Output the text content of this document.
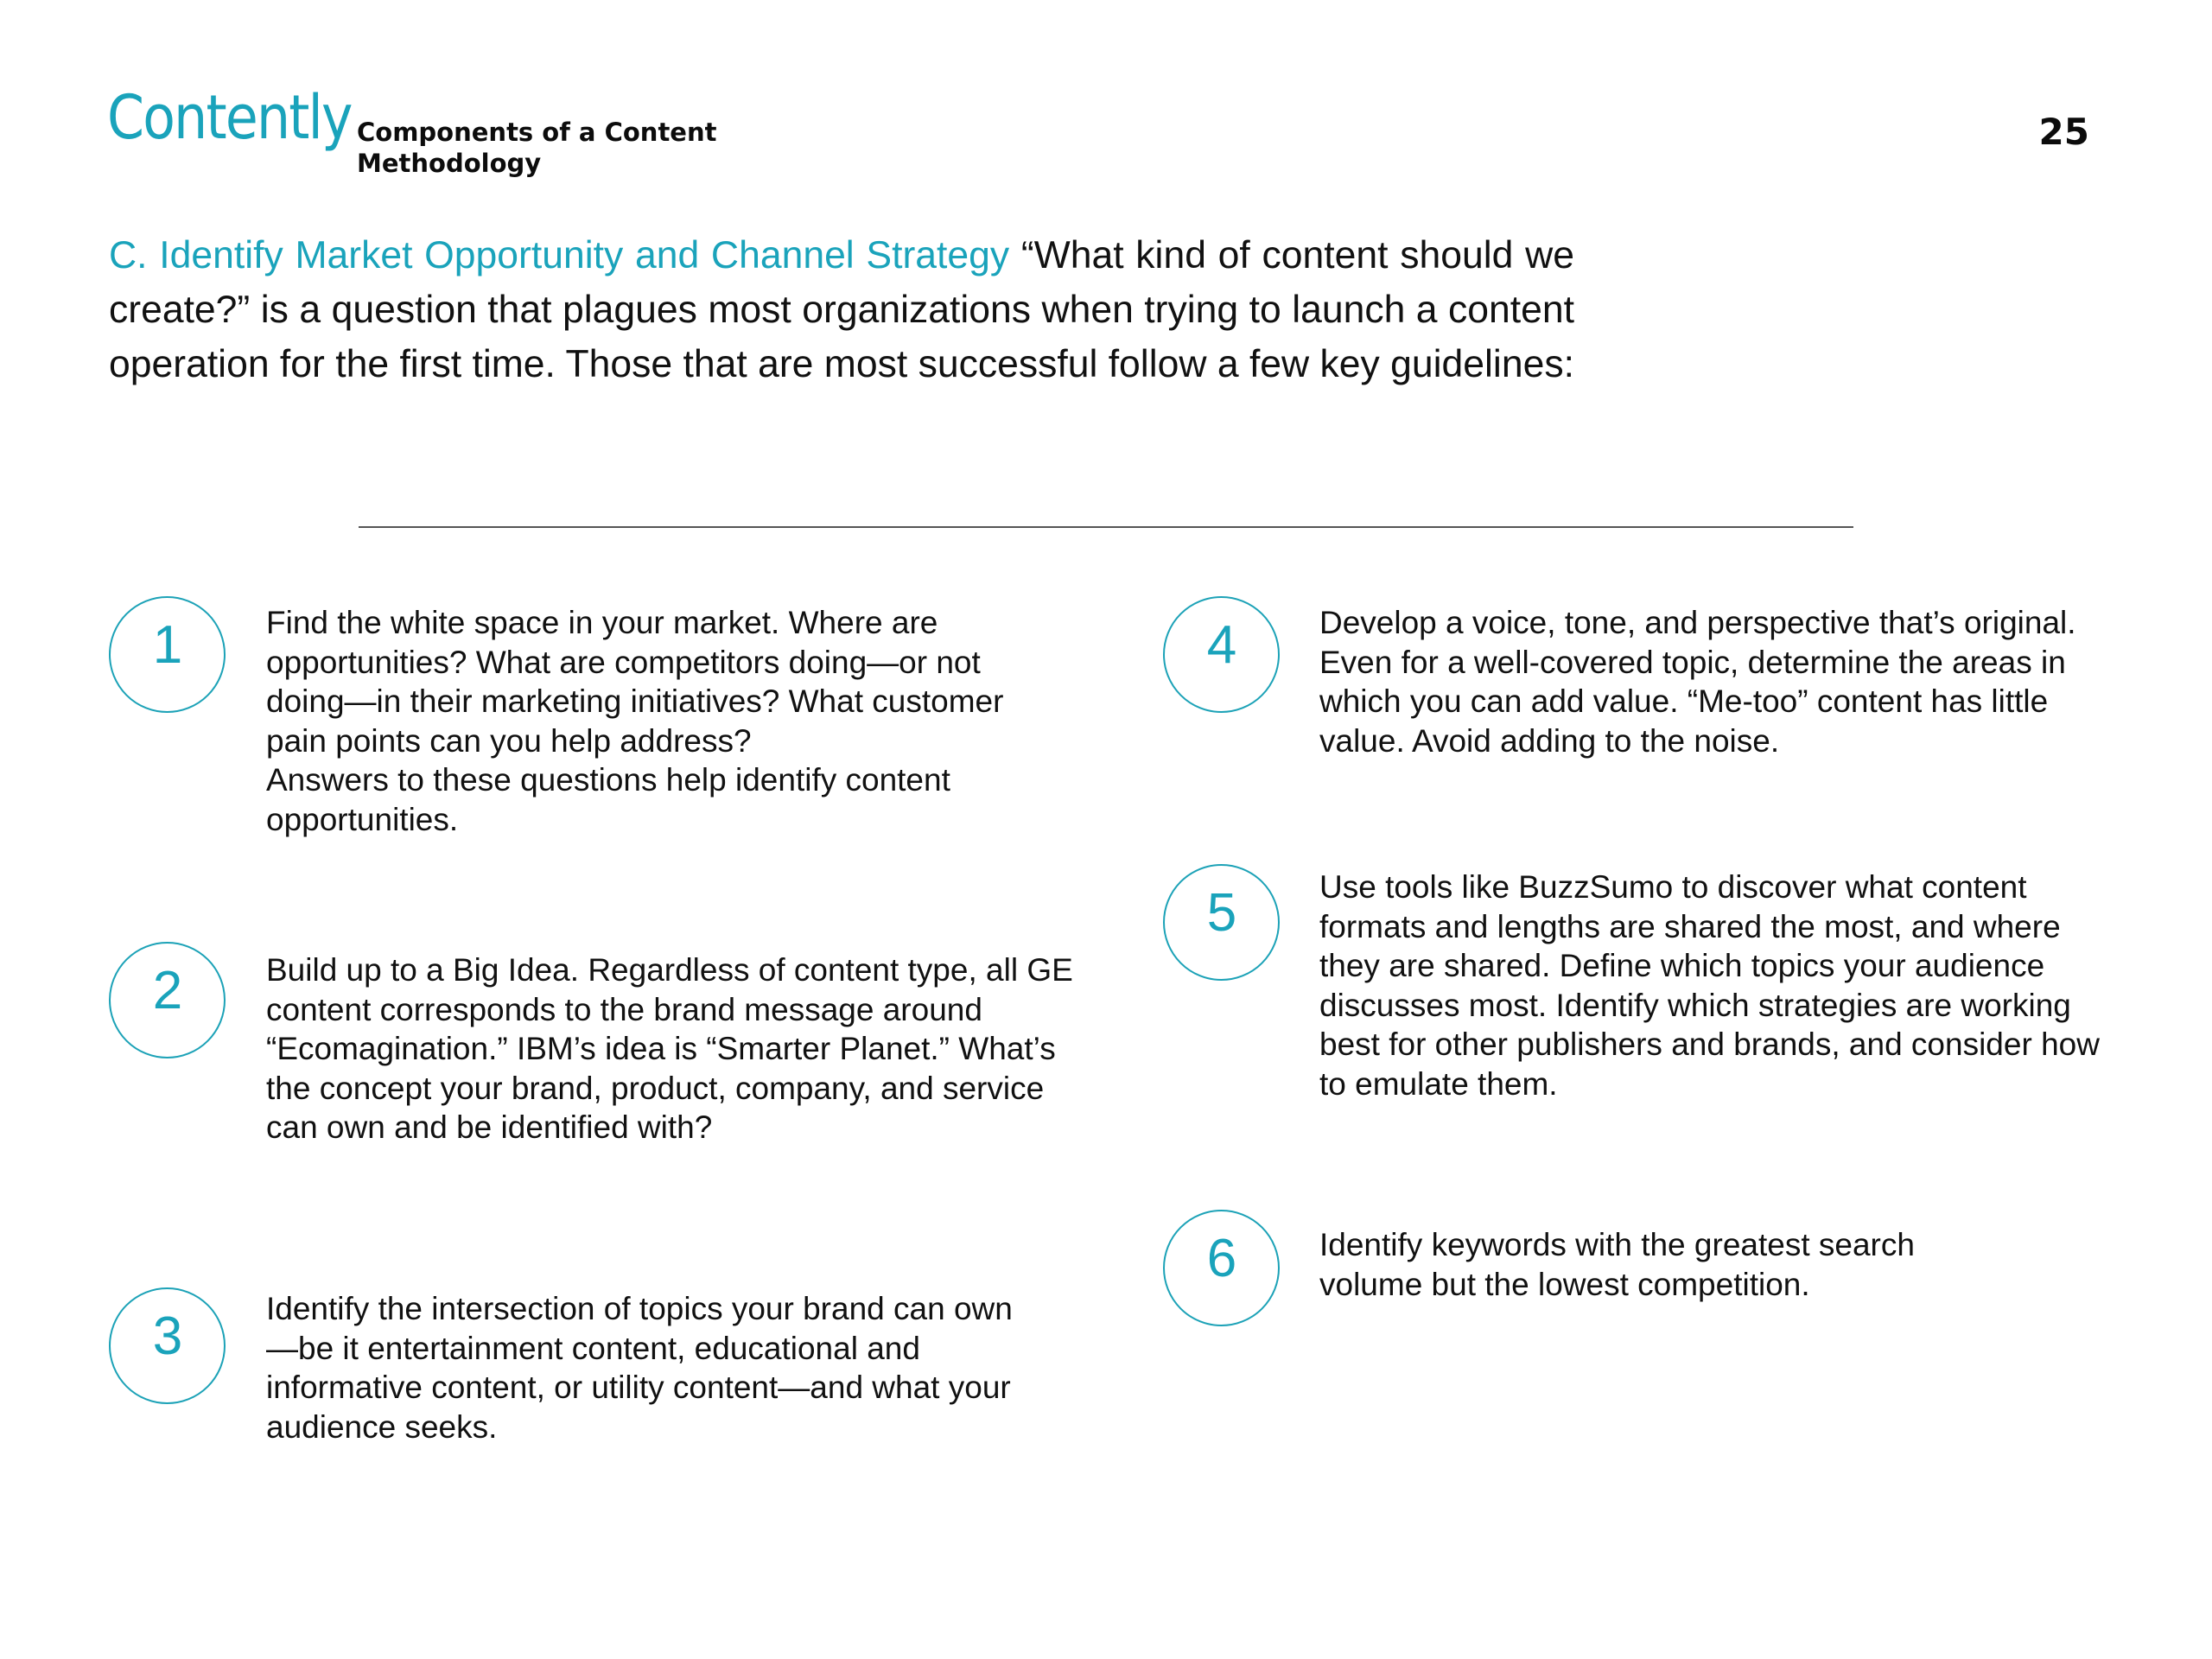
Contently Components of a Content Methodology
25
C. Identify Market Opportunity and Channel Strategy “What kind of content should we create?” is a question that plagues most organizations when trying to launch a content operation for the first time. Those that are most successful follow a few key guidelines:
1	Find the white space in your market. Where are opportunities? What are competitors doing—or not doing—in their marketing initiatives? What customer pain points can you help address?
Answers to these questions help identify content opportunities.
2	Build up to a Big Idea. Regardless of content type, all GE content corresponds to the brand message around “Ecomagination.” IBM’s idea is “Smarter Planet.” What’s the concept your brand, product, company, and service can own and be identified with?
3	Identify the intersection of topics your brand can own—be it entertainment content, educational and informative content, or utility content—and what your audience seeks.
4	Develop a voice, tone, and perspective that’s original. Even for a well-covered topic, determine the areas in which you can add value. “Me-too” content has little value. Avoid adding to the noise.
5	Use tools like BuzzSumo to discover what content formats and lengths are shared the most, and where they are shared. Define which topics your audience discusses most. Identify which strategies are working best for other publishers and brands, and consider how to emulate them.
6	Identify keywords with the greatest search volume but the lowest competition.
